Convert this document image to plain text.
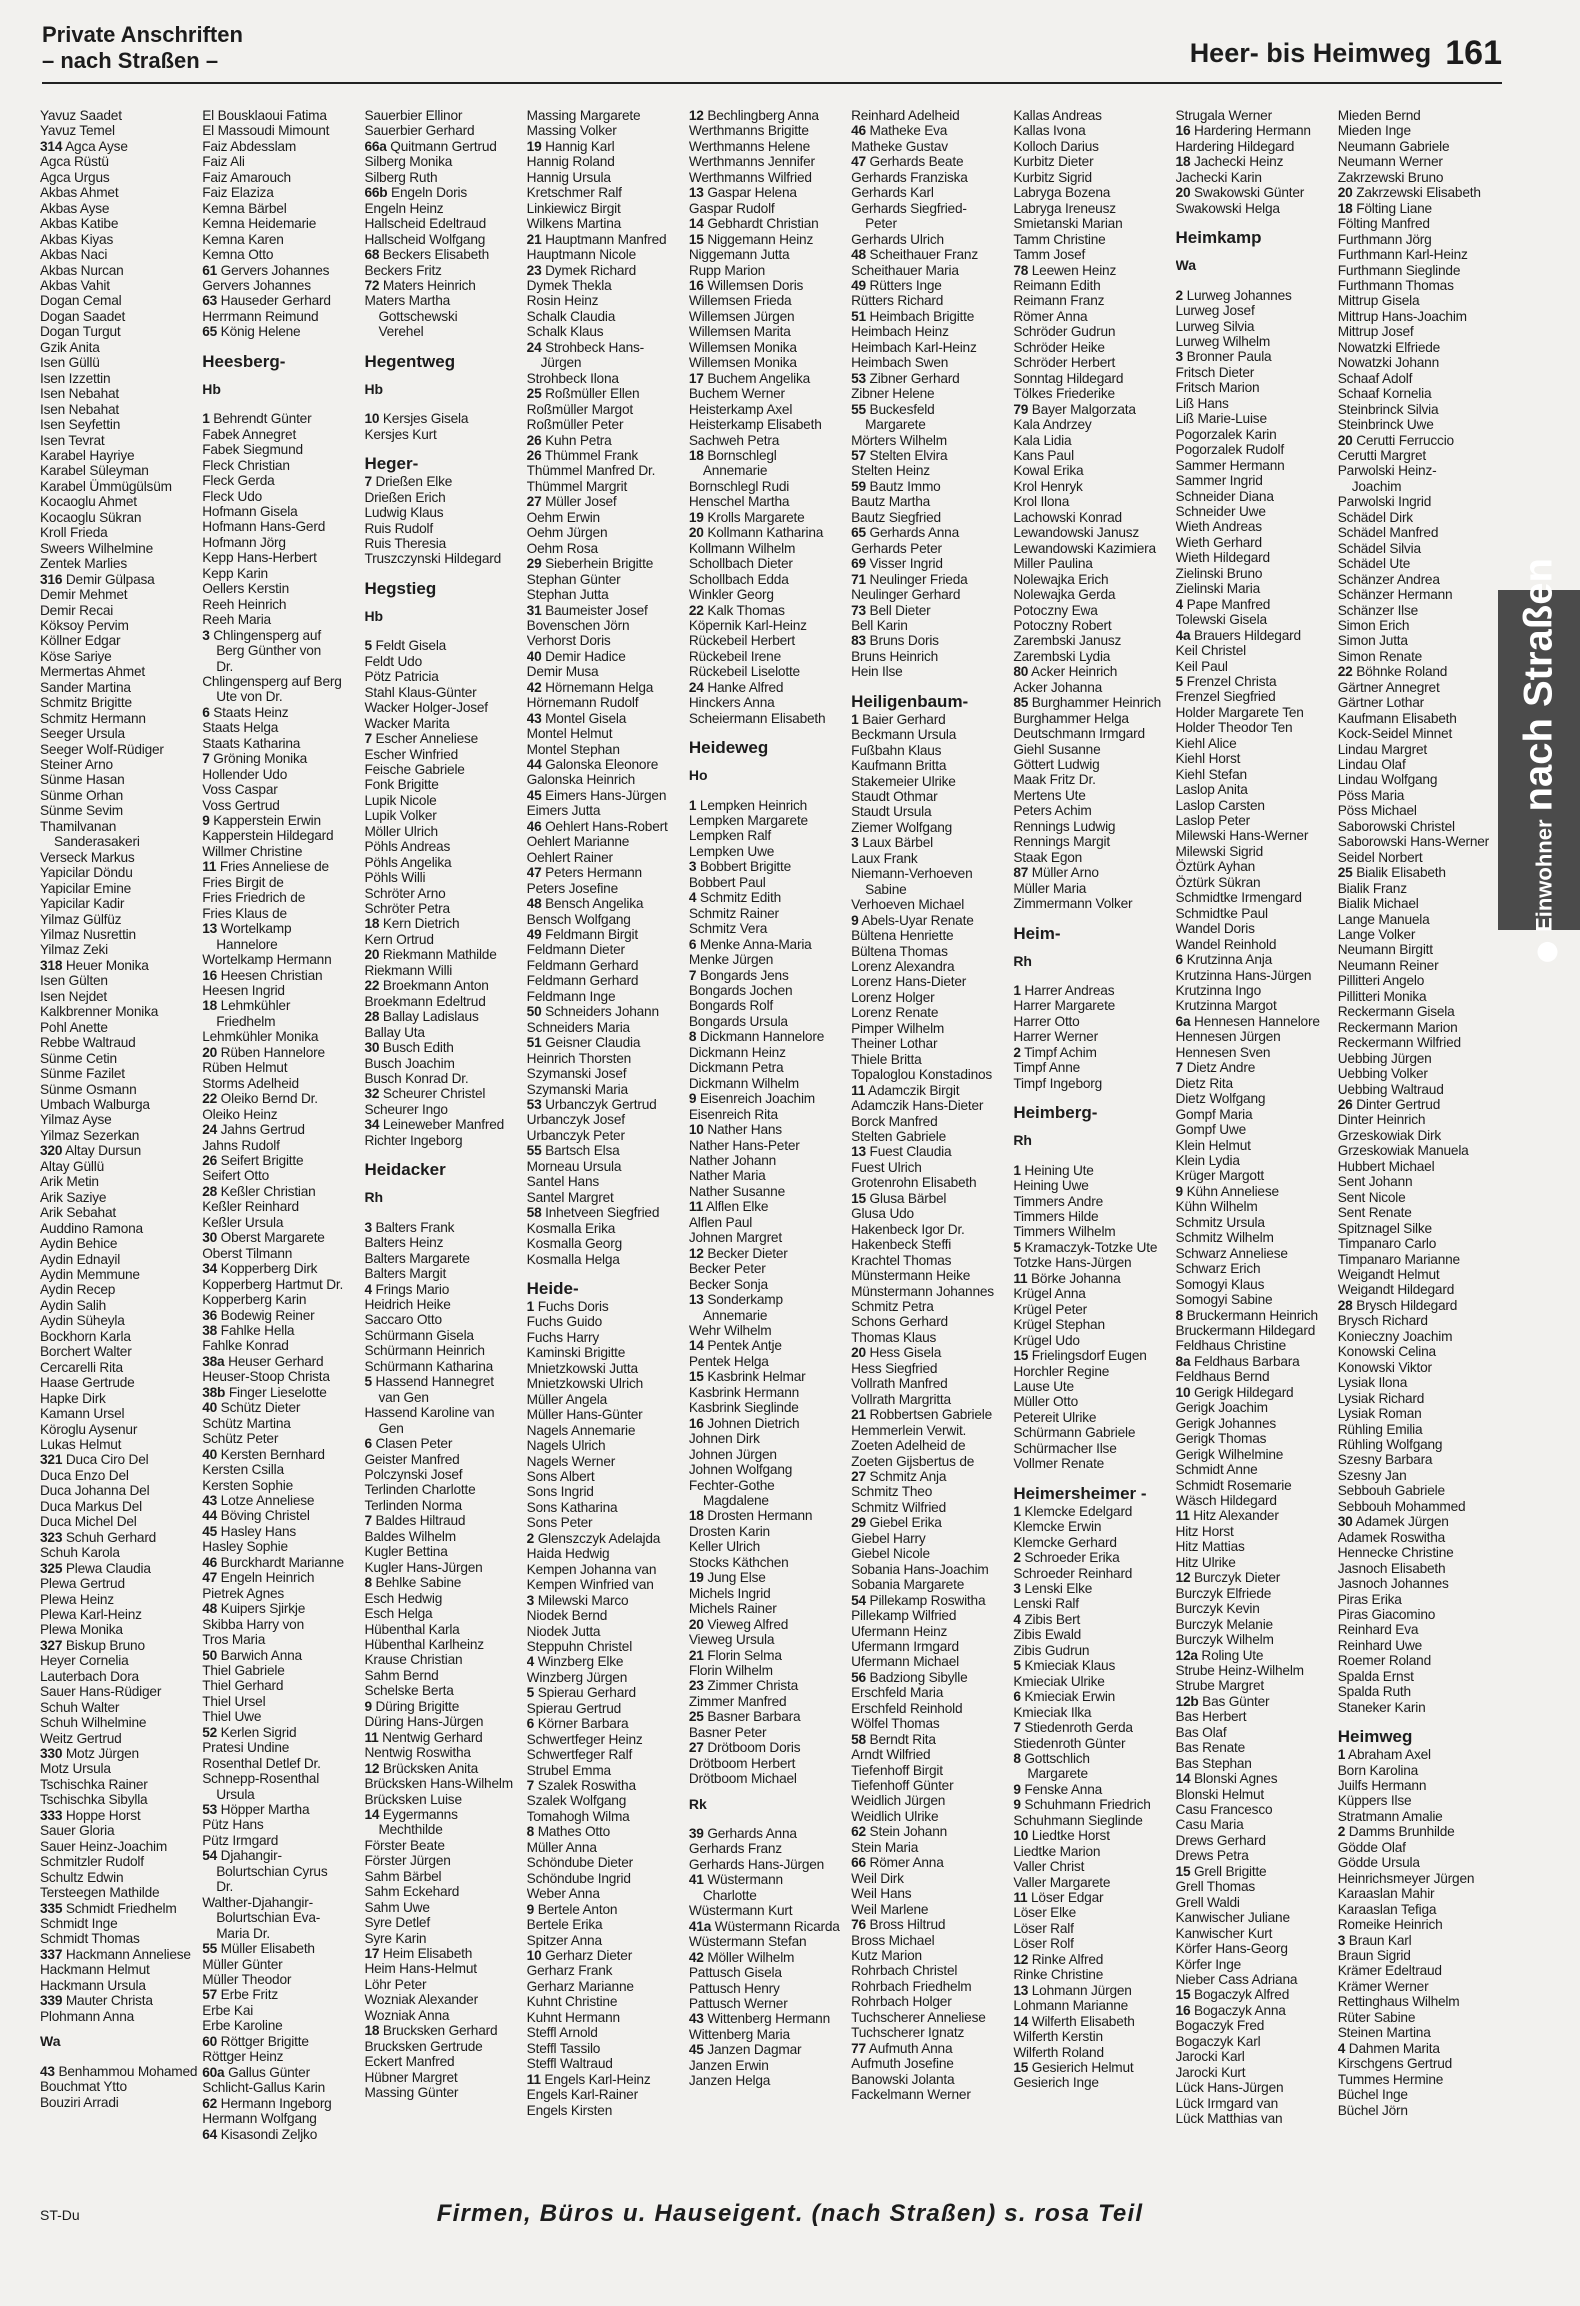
Private Anschriften
– nach Straßen –	Heer- bis Heimweg 161
Yavuz Saadet
Yavuz Temel
314 Agca Ayse
Agca Rüstü
Agca Urgus
Akbas Ahmet
Akbas Ayse
Akbas Katibe
Akbas Kiyas
Akbas Naci
Akbas Nurcan
Akbas Vahit
Dogan Cemal
Dogan Saadet
Dogan Turgut
Gzik Anita
Isen Güllü
Isen Izzettin
Isen Nebahat
Isen Nebahat
Isen Seyfettin
Isen Tevrat
Karabel Hayriye
Karabel Süleyman
Karabel Ümmügülsüm
Kocaoglu Ahmet
Kocaoglu Sükran
Kroll Frieda
Sweers Wilhelmine
Zentek Marlies
316 Demir Gülpasa
Demir Mehmet
Demir Recai
Köksoy Pervim
Köllner Edgar
Köse Sariye
Mermertas Ahmet
Sander Martina
Schmitz Brigitte
Schmitz Hermann
Seeger Ursula
Seeger Wolf-Rüdiger
Steiner Arno
Sünme Hasan
Sünme Orhan
Sünme Sevim
Thamilvanan
Sanderasakeri
Verseck Markus
Yapicilar Döndu
Yapicilar Emine
Yapicilar Kadir
Yilmaz Gülfüz
Yilmaz Nusrettin
Yilmaz Zeki
318 Heuer Monika
Isen Gülten
Isen Nejdet
Kalkbrenner Monika
Pohl Anette
Rebbe Waltraud
Sünme Cetin
Sünme Fazilet
Sünme Osmann
Umbach Walburga
Yilmaz Ayse
Yilmaz Sezerkan
320 Altay Dursun
Altay Güllü
Arik Metin
Arik Saziye
Arik Sebahat
Auddino Ramona
Aydin Behice
Aydin Ednayil
Aydin Memmune
Aydin Recep
Aydin Salih
Aydin Süheyla
Bockhorn Karla
Borchert Walter
Cercarelli Rita
Haase Gertrude
Hapke Dirk
Kamann Ursel
Köroglu Aysenur
Lukas Helmut
321 Duca Ciro Del
Duca Enzo Del
Duca Johanna Del
Duca Markus Del
Duca Michel Del
323 Schuh Gerhard
Schuh Karola
325 Plewa Claudia
Plewa Gertrud
Plewa Heinz
Plewa Karl-Heinz
Plewa Monika
327 Biskup Bruno
Heyer Cornelia
Lauterbach Dora
Sauer Hans-Rüdiger
Schuh Walter
Schuh Wilhelmine
Weitz Gertrud
330 Motz Jürgen
Motz Ursula
Tschischka Rainer
Tschischka Sibylla
333 Hoppe Horst
Sauer Gloria
Sauer Heinz-Joachim
Schmitzler Rudolf
Schultz Edwin
Tersteegen Mathilde
335 Schmidt Friedhelm
Schmidt Inge
Schmidt Thomas
337 Hackmann Anneliese
Hackmann Helmut
Hackmann Ursula
339 Mauter Christa
Plohmann Anna
Wa
43 Benhammou Mohamed
Bouchmat Ytto
Bouziri Arradi
El Bousklaoui Fatima
El Massoudi Mimount
Faiz Abdesslam
Faiz Ali
Faiz Amarouch
Faiz Elaziza
Kemna Bärbel
Kemna Heidemarie
Kemna Karen
Kemna Otto
61 Gervers Johannes
Gervers Johannes
63 Hauseder Gerhard
Herrmann Reimund
65 König Helene
Heesberg-
Hb
1 Behrendt Günter
Fabek Annegret
Fabek Siegmund
Fleck Christian
Fleck Gerda
Fleck Udo
Hofmann Gisela
Hofmann Hans-Gerd
Hofmann Jörg
Kepp Hans-Herbert
Kepp Karin
Oellers Kerstin
Reeh Heinrich
Reeh Maria
3 Chlingensperg auf
Berg Günther von
Dr.
Chlingensperg auf Berg
Ute von Dr.
6 Staats Heinz
Staats Helga
Staats Katharina
7 Gröning Monika
Hollender Udo
Voss Caspar
Voss Gertrud
9 Kapperstein Erwin
Kapperstein Hildegard
Willmer Christine
11 Fries Anneliese de
Fries Birgit de
Fries Friedrich de
Fries Klaus de
13 Wortelkamp
Hannelore
Wortelkamp Hermann
16 Heesen Christian
Heesen Ingrid
18 Lehmkühler
Friedhelm
Lehmkühler Monika
20 Rüben Hannelore
Rüben Helmut
Storms Adelheid
22 Oleiko Bernd Dr.
Oleiko Heinz
24 Jahns Gertrud
Jahns Rudolf
26 Seifert Brigitte
Seifert Otto
28 Keßler Christian
Keßler Reinhard
Keßler Ursula
30 Oberst Margarete
Oberst Tilmann
34 Kopperberg Dirk
Kopperberg Hartmut Dr.
Kopperberg Karin
36 Bodewig Reiner
38 Fahlke Hella
Fahlke Konrad
38a Heuser Gerhard
Heuser-Stoop Christa
38b Finger Lieselotte
40 Schütz Dieter
Schütz Martina
Schütz Peter
40 Kersten Bernhard
Kersten Csilla
Kersten Sophie
43 Lotze Anneliese
44 Böving Christel
45 Hasley Hans
Hasley Sophie
46 Burckhardt Marianne
47 Engeln Heinrich
Pietrek Agnes
48 Kuipers Sjirkje
Skibba Harry von
Tros Maria
50 Barwich Anna
Thiel Gabriele
Thiel Gerhard
Thiel Ursel
Thiel Uwe
52 Kerlen Sigrid
Pratesi Undine
Rosenthal Detlef Dr.
Schnepp-Rosenthal
Ursula
53 Höpper Martha
Pütz Hans
Pütz Irmgard
54 Djahangir-
Bolurtschian Cyrus
Dr.
Walther-Djahangir-
Bolurtschian Eva-
Maria Dr.
55 Müller Elisabeth
Müller Günter
Müller Theodor
57 Erbe Fritz
Erbe Kai
Erbe Karoline
60 Röttger Brigitte
Röttger Heinz
60a Gallus Günter
Schlicht-Gallus Karin
62 Hermann Ingeborg
Hermann Wolfgang
64 Kisasondi Zeljko
Sauerbier Ellinor
Sauerbier Gerhard
66a Quitmann Gertrud
Silberg Monika
Silberg Ruth
66b Engeln Doris
Engeln Heinz
Hallscheid Edeltraud
Hallscheid Wolfgang
68 Beckers Elisabeth
Beckers Fritz
72 Maters Heinrich
Maters Martha
Gottschewski
Verehel
Hegentweg
Hb
10 Kersjes Gisela
Kersjes Kurt
Heger-
7 Drießen Elke
Drießen Erich
Ludwig Klaus
Ruis Rudolf
Ruis Theresia
Truszczynski Hildegard
Hegstieg
Hb
5 Feldt Gisela
Feldt Udo
Pötz Patricia
Stahl Klaus-Günter
Wacker Holger-Josef
Wacker Marita
7 Escher Anneliese
Escher Winfried
Feische Gabriele
Fonk Brigitte
Lupik Nicole
Lupik Volker
Möller Ulrich
Pöhls Andreas
Pöhls Angelika
Pöhls Willi
Schröter Arno
Schröter Petra
18 Kern Dietrich
Kern Ortrud
20 Riekmann Mathilde
Riekmann Willi
22 Broekmann Anton
Broekmann Edeltrud
28 Ballay Ladislaus
Ballay Uta
30 Busch Edith
Busch Joachim
Busch Konrad Dr.
32 Scheurer Christel
Scheurer Ingo
34 Leineweber Manfred
Richter Ingeborg
Heidacker
Rh
3 Balters Frank
Balters Heinz
Balters Margarete
Balters Margit
4 Frings Mario
Heidrich Heike
Saccaro Otto
Schürmann Gisela
Schürmann Heinrich
Schürmann Katharina
5 Hassend Hannegret
van Gen
Hassend Karoline van
Gen
6 Clasen Peter
Geister Manfred
Polczynski Josef
Terlinden Charlotte
Terlinden Norma
7 Baldes Hiltraud
Baldes Wilhelm
Kugler Bettina
Kugler Hans-Jürgen
8 Behlke Sabine
Esch Hedwig
Esch Helga
Hübenthal Karla
Hübenthal Karlheinz
Krause Christian
Sahm Bernd
Schelske Berta
9 Düring Brigitte
Düring Hans-Jürgen
11 Nentwig Gerhard
Nentwig Roswitha
12 Brücksken Anita
Brücksken Hans-Wilhelm
Brücksken Luise
14 Eygermanns
Mechthilde
Förster Beate
Förster Jürgen
Sahm Bärbel
Sahm Eckehard
Sahm Uwe
Syre Detlef
Syre Karin
17 Heim Elisabeth
Heim Hans-Helmut
Löhr Peter
Wozniak Alexander
Wozniak Anna
18 Brucksken Gerhard
Brucksken Gertrude
Eckert Manfred
Hübner Margret
Massing Günter
Massing Margarete
Massing Volker
19 Hannig Karl
Hannig Roland
Hannig Ursula
Kretschmer Ralf
Linkiewicz Birgit
Wilkens Martina
21 Hauptmann Manfred
Hauptmann Nicole
23 Dymek Richard
Dymek Thekla
Rosin Heinz
Schalk Claudia
Schalk Klaus
24 Strohbeck Hans-
Jürgen
Strohbeck Ilona
25 Roßmüller Ellen
Roßmüller Margot
Roßmüller Peter
26 Kuhn Petra
26 Thümmel Frank
Thümmel Manfred Dr.
Thümmel Margrit
27 Müller Josef
Oehm Erwin
Oehm Jürgen
Oehm Rosa
29 Sieberhein Brigitte
Stephan Günter
Stephan Jutta
31 Baumeister Josef
Bovenschen Jörn
Verhorst Doris
40 Demir Hadice
Demir Musa
42 Hörnemann Helga
Hörnemann Rudolf
43 Montel Gisela
Montel Helmut
Montel Stephan
44 Galonska Eleonore
Galonska Heinrich
45 Eimers Hans-Jürgen
Eimers Jutta
46 Oehlert Hans-Robert
Oehlert Marianne
Oehlert Rainer
47 Peters Hermann
Peters Josefine
48 Bensch Angelika
Bensch Wolfgang
49 Feldmann Birgit
Feldmann Dieter
Feldmann Gerhard
Feldmann Gerhard
Feldmann Inge
50 Schneiders Johann
Schneiders Maria
51 Geisner Claudia
Heinrich Thorsten
Szymanski Josef
Szymanski Maria
53 Urbanczyk Gertrud
Urbanczyk Josef
Urbanczyk Peter
55 Bartsch Elsa
Morneau Ursula
Santel Hans
Santel Margret
58 Inhetveen Siegfried
Kosmalla Erika
Kosmalla Georg
Kosmalla Helga
Heide-
1 Fuchs Doris
Fuchs Guido
Fuchs Harry
Kaminski Brigitte
Mnietzkowski Jutta
Mnietzkowski Ulrich
Müller Angela
Müller Hans-Günter
Nagels Annemarie
Nagels Ulrich
Nagels Werner
Sons Albert
Sons Ingrid
Sons Katharina
Sons Peter
2 Glenszczyk Adelajda
Haida Hedwig
Kempen Johanna van
Kempen Winfried van
3 Milewski Marco
Niodek Bernd
Niodek Jutta
Steppuhn Christel
4 Winzberg Elke
Winzberg Jürgen
5 Spierau Gerhard
Spierau Gertrud
6 Körner Barbara
Schwertfeger Heinz
Schwertfeger Ralf
Strubel Emma
7 Szalek Roswitha
Szalek Wolfgang
Tomahogh Wilma
8 Mathes Otto
Müller Anna
Schöndube Dieter
Schöndube Ingrid
Weber Anna
9 Bertele Anton
Bertele Erika
Spitzer Anna
10 Gerharz Dieter
Gerharz Frank
Gerharz Marianne
Kuhnt Christine
Kuhnt Hermann
Steffl Arnold
Steffl Tassilo
Steffl Waltraud
11 Engels Karl-Heinz
Engels Karl-Rainer
Engels Kirsten
12 Bechlingberg Anna
Werthmanns Brigitte
Werthmanns Helene
Werthmanns Jennifer
Werthmanns Wilfried
13 Gaspar Helena
Gaspar Rudolf
14 Gebhardt Christian
15 Niggemann Heinz
Niggemann Jutta
Rupp Marion
16 Willemsen Doris
Willemsen Frieda
Willemsen Jürgen
Willemsen Marita
Willemsen Monika
Willemsen Monika
17 Buchem Angelika
Buchem Werner
Heisterkamp Axel
Heisterkamp Elisabeth
Sachweh Petra
18 Bornschlegl
Annemarie
Bornschlegl Rudi
Henschel Martha
19 Krolls Margarete
20 Kollmann Katharina
Kollmann Wilhelm
Schollbach Dieter
Schollbach Edda
Winkler Georg
22 Kalk Thomas
Köpernik Karl-Heinz
Rückebeil Herbert
Rückebeil Irene
Rückebeil Liselotte
24 Hanke Alfred
Hinckers Anna
Scheiermann Elisabeth
Heideweg
Ho
1 Lempken Heinrich
Lempken Margarete
Lempken Ralf
Lempken Uwe
3 Bobbert Brigitte
Bobbert Paul
4 Schmitz Edith
Schmitz Rainer
Schmitz Vera
6 Menke Anna-Maria
Menke Jürgen
7 Bongards Jens
Bongards Jochen
Bongards Rolf
Bongards Ursula
8 Dickmann Hannelore
Dickmann Heinz
Dickmann Petra
Dickmann Wilhelm
9 Eisenreich Joachim
Eisenreich Rita
10 Nather Hans
Nather Hans-Peter
Nather Johann
Nather Maria
Nather Susanne
11 Alflen Elke
Alflen Paul
Johnen Margret
12 Becker Dieter
Becker Peter
Becker Sonja
13 Sonderkamp
Annemarie
Wehr Wilhelm
14 Pentek Antje
Pentek Helga
15 Kasbrink Helmar
Kasbrink Hermann
Kasbrink Sieglinde
16 Johnen Dietrich
Johnen Dirk
Johnen Jürgen
Johnen Wolfgang
Fechter-Gothe
Magdalene
18 Drosten Hermann
Drosten Karin
Keller Ulrich
Stocks Käthchen
19 Jung Else
Michels Ingrid
Michels Rainer
20 Vieweg Alfred
Vieweg Ursula
21 Florin Selma
Florin Wilhelm
23 Zimmer Christa
Zimmer Manfred
25 Basner Barbara
Basner Peter
27 Drötboom Doris
Drötboom Herbert
Drötboom Michael
Rk
39 Gerhards Anna
Gerhards Franz
Gerhards Hans-Jürgen
41 Wüstermann
Charlotte
Wüstermann Kurt
41a Wüstermann Ricarda
Wüstermann Stefan
42 Möller Wilhelm
Pattusch Gisela
Pattusch Henry
Pattusch Werner
43 Wittenberg Hermann
Wittenberg Maria
45 Janzen Dagmar
Janzen Erwin
Janzen Helga
Reinhard Adelheid
46 Matheke Eva
Matheke Gustav
47 Gerhards Beate
Gerhards Franziska
Gerhards Karl
Gerhards Siegfried-
Peter
Gerhards Ulrich
48 Scheithauer Franz
Scheithauer Maria
49 Rütters Inge
Rütters Richard
51 Heimbach Brigitte
Heimbach Heinz
Heimbach Karl-Heinz
Heimbach Swen
53 Zibner Gerhard
Zibner Helene
55 Buckesfeld
Margarete
Mörters Wilhelm
57 Stelten Elvira
Stelten Heinz
59 Bautz Immo
Bautz Martha
Bautz Siegfried
65 Gerhards Anna
Gerhards Peter
69 Visser Ingrid
71 Neulinger Frieda
Neulinger Gerhard
73 Bell Dieter
Bell Karin
83 Bruns Doris
Bruns Heinrich
Hein Ilse
Heiligenbaum-
1 Baier Gerhard
Beckmann Ursula
Fußbahn Klaus
Kaufmann Britta
Stakemeier Ulrike
Staudt Othmar
Staudt Ursula
Ziemer Wolfgang
3 Laux Bärbel
Laux Frank
Niemann-Verhoeven
Sabine
Verhoeven Michael
9 Abels-Uyar Renate
Bültena Henriette
Bültena Thomas
Lorenz Alexandra
Lorenz Hans-Dieter
Lorenz Holger
Lorenz Renate
Pimper Wilhelm
Theiner Lothar
Thiele Britta
Topaloglou Konstadinos
11 Adamczik Birgit
Adamczik Hans-Dieter
Borck Manfred
Stelten Gabriele
13 Fuest Claudia
Fuest Ulrich
Grotenrohn Elisabeth
15 Glusa Bärbel
Glusa Udo
Hakenbeck Igor Dr.
Hakenbeck Steffi
Krachtel Thomas
Münstermann Heike
Münstermann Johannes
Schmitz Petra
Schons Gerhard
Thomas Klaus
20 Hess Gisela
Hess Siegfried
Vollrath Manfred
Vollrath Margritta
21 Robbertsen Gabriele
Hemmerlein Verwit.
Zoeten Adelheid de
Zoeten Gijsbertus de
27 Schmitz Anja
Schmitz Theo
Schmitz Wilfried
29 Giebel Erika
Giebel Harry
Giebel Nicole
Sobania Hans-Joachim
Sobania Margarete
54 Pillekamp Roswitha
Pillekamp Wilfried
Ufermann Heinz
Ufermann Irmgard
Ufermann Michael
56 Badziong Sibylle
Erschfeld Maria
Erschfeld Reinhold
Wölfel Thomas
58 Berndt Rita
Arndt Wilfried
Tiefenhoff Birgit
Tiefenhoff Günter
Weidlich Jürgen
Weidlich Ulrike
62 Stein Johann
Stein Maria
66 Römer Anna
Weil Dirk
Weil Hans
Weil Marlene
76 Bross Hiltrud
Bross Michael
Kutz Marion
Rohrbach Christel
Rohrbach Friedhelm
Rohrbach Holger
Tuchscherer Anneliese
Tuchscherer Ignatz
77 Aufmuth Anna
Aufmuth Josefine
Banowski Jolanta
Fackelmann Werner
Kallas Andreas
Kallas Ivona
Kolloch Darius
Kurbitz Dieter
Kurbitz Sigrid
Labryga Bozena
Labryga Ireneusz
Smietanski Marian
Tamm Christine
Tamm Josef
78 Leewen Heinz
Reimann Edith
Reimann Franz
Römer Anna
Schröder Gudrun
Schröder Heike
Schröder Herbert
Sonntag Hildegard
Tölkes Friederike
79 Bayer Malgorzata
Kala Andrzey
Kala Lidia
Kans Paul
Kowal Erika
Krol Henryk
Krol Ilona
Lachowski Konrad
Lewandowski Janusz
Lewandowski Kazimiera
Miller Paulina
Nolewajka Erich
Nolewajka Gerda
Potoczny Ewa
Potoczny Robert
Zarembski Janusz
Zarembski Lydia
80 Acker Heinrich
Acker Johanna
85 Burghammer Heinrich
Burghammer Helga
Deutschmann Irmgard
Giehl Susanne
Göttert Ludwig
Maak Fritz Dr.
Mertens Ute
Peters Achim
Rennings Ludwig
Rennings Margit
Staak Egon
87 Müller Arno
Müller Maria
Zimmermann Volker
Heim-
Rh
1 Harrer Andreas
Harrer Margarete
Harrer Otto
Harrer Werner
2 Timpf Achim
Timpf Anne
Timpf Ingeborg
Heimberg-
Rh
1 Heining Ute
Heining Uwe
Timmers Andre
Timmers Hilde
Timmers Wilhelm
5 Kramaczyk-Totzke Ute
Totzke Hans-Jürgen
11 Börke Johanna
Krügel Anna
Krügel Peter
Krügel Stephan
Krügel Udo
15 Frielingsdorf Eugen
Horchler Regine
Lause Ute
Müller Otto
Petereit Ulrike
Schürmann Gabriele
Schürmacher Ilse
Vollmer Renate
Heimersheimer -
1 Klemcke Edelgard
Klemcke Erwin
Klemcke Gerhard
2 Schroeder Erika
Schroeder Reinhard
3 Lenski Elke
Lenski Ralf
4 Zibis Bert
Zibis Ewald
Zibis Gudrun
5 Kmieciak Klaus
Kmieciak Ulrike
6 Kmieciak Erwin
Kmieciak Ilka
7 Stiedenroth Gerda
Stiedenroth Günter
8 Gottschlich
Margarete
9 Fenske Anna
9 Schuhmann Friedrich
Schuhmann Sieglinde
10 Liedtke Horst
Liedtke Marion
Valler Christ
Valler Margarete
11 Löser Edgar
Löser Elke
Löser Ralf
Löser Rolf
12 Rinke Alfred
Rinke Christine
13 Lohmann Jürgen
Lohmann Marianne
14 Wilferth Elisabeth
Wilferth Kerstin
Wilferth Roland
15 Gesierich Helmut
Gesierich Inge
Strugala Werner
16 Hardering Hermann
Hardering Hildegard
18 Jachecki Heinz
Jachecki Karin
20 Swakowski Günter
Swakowski Helga
Heimkamp
Wa
2 Lurweg Johannes
Lurweg Josef
Lurweg Silvia
Lurweg Wilhelm
3 Bronner Paula
Fritsch Dieter
Fritsch Marion
Liß Hans
Liß Marie-Luise
Pogorzalek Karin
Pogorzalek Rudolf
Sammer Hermann
Sammer Ingrid
Schneider Diana
Schneider Uwe
Wieth Andreas
Wieth Gerhard
Wieth Hildegard
Zielinski Bruno
Zielinski Maria
4 Pape Manfred
Tolewski Gisela
4a Brauers Hildegard
Keil Christel
Keil Paul
5 Frenzel Christa
Frenzel Siegfried
Holder Margarete Ten
Holder Theodor Ten
Kiehl Alice
Kiehl Horst
Kiehl Stefan
Laslop Anita
Laslop Carsten
Laslop Peter
Milewski Hans-Werner
Milewski Sigrid
Öztürk Ayhan
Öztürk Sükran
Schmidtke Irmengard
Schmidtke Paul
Wandel Doris
Wandel Reinhold
6 Krutzinna Anja
Krutzinna Hans-Jürgen
Krutzinna Ingo
Krutzinna Margot
6a Hennesen Hannelore
Hennesen Jürgen
Hennesen Sven
7 Dietz Andre
Dietz Rita
Dietz Wolfgang
Gompf Maria
Gompf Uwe
Klein Helmut
Klein Lydia
Krüger Margott
9 Kühn Anneliese
Kühn Wilhelm
Schmitz Ursula
Schmitz Wilhelm
Schwarz Anneliese
Schwarz Erich
Somogyi Klaus
Somogyi Sabine
8 Bruckermann Heinrich
Bruckermann Hildegard
Feldhaus Christine
8a Feldhaus Barbara
Feldhaus Bernd
10 Gerigk Hildegard
Gerigk Joachim
Gerigk Johannes
Gerigk Thomas
Gerigk Wilhelmine
Schmidt Anne
Schmidt Rosemarie
Wäsch Hildegard
11 Hitz Alexander
Hitz Horst
Hitz Mattias
Hitz Ulrike
12 Burczyk Dieter
Burczyk Elfriede
Burczyk Kevin
Burczyk Melanie
Burczyk Wilhelm
12a Roling Ute
Strube Heinz-Wilhelm
Strube Margret
12b Bas Günter
Bas Herbert
Bas Olaf
Bas Renate
Bas Stephan
14 Blonski Agnes
Blonski Helmut
Casu Francesco
Casu Maria
Drews Gerhard
Drews Petra
15 Grell Brigitte
Grell Thomas
Grell Waldi
Kanwischer Juliane
Kanwischer Kurt
Körfer Hans-Georg
Körfer Inge
Nieber Cass Adriana
15 Bogaczyk Alfred
16 Bogaczyk Anna
Bogaczyk Fred
Bogaczyk Karl
Jarocki Karl
Jarocki Kurt
Lück Hans-Jürgen
Lück Irmgard van
Lück Matthias van
Mieden Bernd
Mieden Inge
Neumann Gabriele
Neumann Werner
Zakrzewski Bruno
20 Zakrzewski Elisabeth
18 Fölting Liane
Fölting Manfred
Furthmann Jörg
Furthmann Karl-Heinz
Furthmann Sieglinde
Furthmann Thomas
Mittrup Gisela
Mittrup Hans-Joachim
Mittrup Josef
Nowatzki Elfriede
Nowatzki Johann
Schaaf Adolf
Schaaf Kornelia
Steinbrinck Silvia
Steinbrinck Uwe
20 Cerutti Ferruccio
Cerutti Margret
Parwolski Heinz-
Joachim
Parwolski Ingrid
Schädel Dirk
Schädel Manfred
Schädel Silvia
Schädel Ute
Schänzer Andrea
Schänzer Hermann
Schänzer Ilse
Simon Erich
Simon Jutta
Simon Renate
22 Böhnke Roland
Gärtner Annegret
Gärtner Lothar
Kaufmann Elisabeth
Kock-Seidel Minnet
Lindau Margret
Lindau Olaf
Lindau Wolfgang
Pöss Maria
Pöss Michael
Saborowski Christel
Saborowski Hans-Werner
Seidel Norbert
25 Bialik Elisabeth
Bialik Franz
Bialik Michael
Lange Manuela
Lange Volker
Neumann Birgitt
Neumann Reiner
Pillitteri Angelo
Pillitteri Monika
Reckermann Gisela
Reckermann Marion
Reckermann Wilfried
Uebbing Jürgen
Uebbing Volker
Uebbing Waltraud
26 Dinter Gertrud
Dinter Heinrich
Grzeskowiak Dirk
Grzeskowiak Manuela
Hubbert Michael
Sent Johann
Sent Nicole
Sent Renate
Spitznagel Silke
Timpanaro Carlo
Timpanaro Marianne
Weigandt Helmut
Weigandt Hildegard
28 Brysch Hildegard
Brysch Richard
Konieczny Joachim
Konowski Celina
Konowski Viktor
Lysiak Ilona
Lysiak Richard
Lysiak Roman
Rühling Emilia
Rühling Wolfgang
Szesny Barbara
Szesny Jan
Sebbouh Gabriele
Sebbouh Mohammed
30 Adamek Jürgen
Adamek Roswitha
Hennecke Christine
Jasnoch Elisabeth
Jasnoch Johannes
Piras Erika
Piras Giacomino
Reinhard Eva
Reinhard Uwe
Roemer Roland
Spalda Ernst
Spalda Ruth
Staneker Karin
Heimweg
1 Abraham Axel
Born Karolina
Juilfs Hermann
Küppers Ilse
Stratmann Amalie
2 Damms Brunhilde
Gödde Olaf
Gödde Ursula
Heinrichsmeyer Jürgen
Karaaslan Mahir
Karaaslan Tefiga
Romeike Heinrich
3 Braun Karl
Braun Sigrid
Krämer Edeltraud
Krämer Werner
Rettinghaus Wilhelm
Rüter Sabine
Steinen Martina
4 Dahmen Marita
Kirschgens Gertrud
Tummes Hermine
Büchel Inge
Büchel Jörn
Einwohnernach Straßen
ST-Du	Firmen, Büros u. Hauseigent. (nach Straßen) s. rosa Teil
